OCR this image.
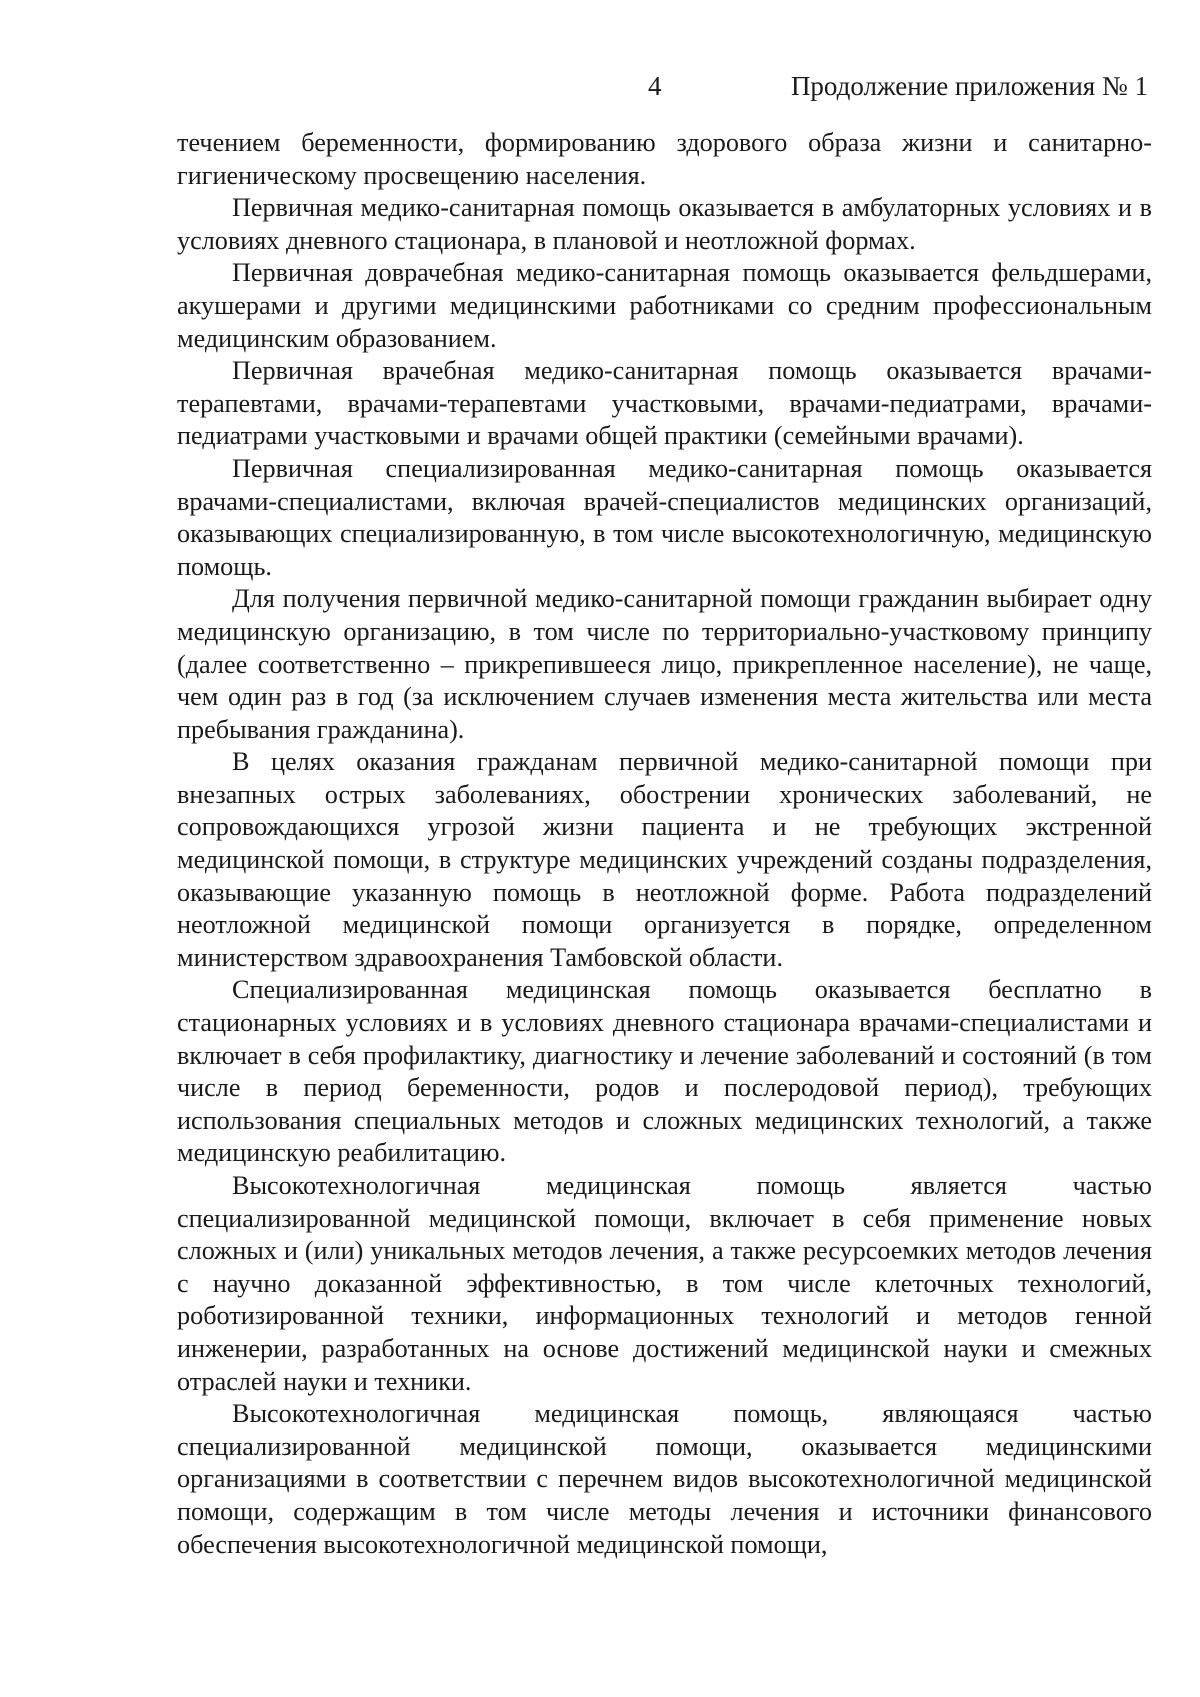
4	Продолжение приложения № 1

течением беременности, формированию здорового образа жизни и санитарно-гигиеническому просвещению населения.

Первичная медико-санитарная помощь оказывается в амбулаторных условиях и в условиях дневного стационара, в плановой и неотложной формах.

Первичная доврачебная медико-санитарная помощь оказывается фельдшерами, акушерами и другими медицинскими работниками со средним профессиональным медицинским образованием.

Первичная врачебная медико-санитарная помощь оказывается врачами-терапевтами, врачами-терапевтами участковыми, врачами-педиатрами, врачами-педиатрами участковыми и врачами общей практики (семейными врачами).

Первичная специализированная медико-санитарная помощь оказывается врачами-специалистами, включая врачей-специалистов медицинских организаций, оказывающих специализированную, в том числе высокотехнологичную, медицинскую помощь.

Для получения первичной медико-санитарной помощи гражданин выбирает одну медицинскую организацию, в том числе по территориально-участковому принципу (далее соответственно – прикрепившееся лицо, прикрепленное население), не чаще, чем один раз в год (за исключением случаев изменения места жительства или места пребывания гражданина).

В целях оказания гражданам первичной медико-санитарной помощи при внезапных острых заболеваниях, обострении хронических заболеваний, не сопровождающихся угрозой жизни пациента и не требующих экстренной медицинской помощи, в структуре медицинских учреждений созданы подразделения, оказывающие указанную помощь в неотложной форме. Работа подразделений неотложной медицинской помощи организуется в порядке, определенном министерством здравоохранения Тамбовской области.

Специализированная медицинская помощь оказывается бесплатно в стационарных условиях и в условиях дневного стационара врачами-специалистами и включает в себя профилактику, диагностику и лечение заболеваний и состояний (в том числе в период беременности, родов и послеродовой период), требующих использования специальных методов и сложных медицинских технологий, а также медицинскую реабилитацию.

Высокотехнологичная медицинская помощь является частью специализированной медицинской помощи, включает в себя применение новых сложных и (или) уникальных методов лечения, а также ресурсоемких методов лечения с научно доказанной эффективностью, в том числе клеточных технологий, роботизированной техники, информационных технологий и методов генной инженерии, разработанных на основе достижений медицинской науки и смежных отраслей науки и техники.

Высокотехнологичная медицинская помощь, являющаяся частью специализированной медицинской помощи, оказывается медицинскими организациями в соответствии с перечнем видов высокотехнологичной медицинской помощи, содержащим в том числе методы лечения и источники финансового обеспечения высокотехнологичной медицинской помощи,
